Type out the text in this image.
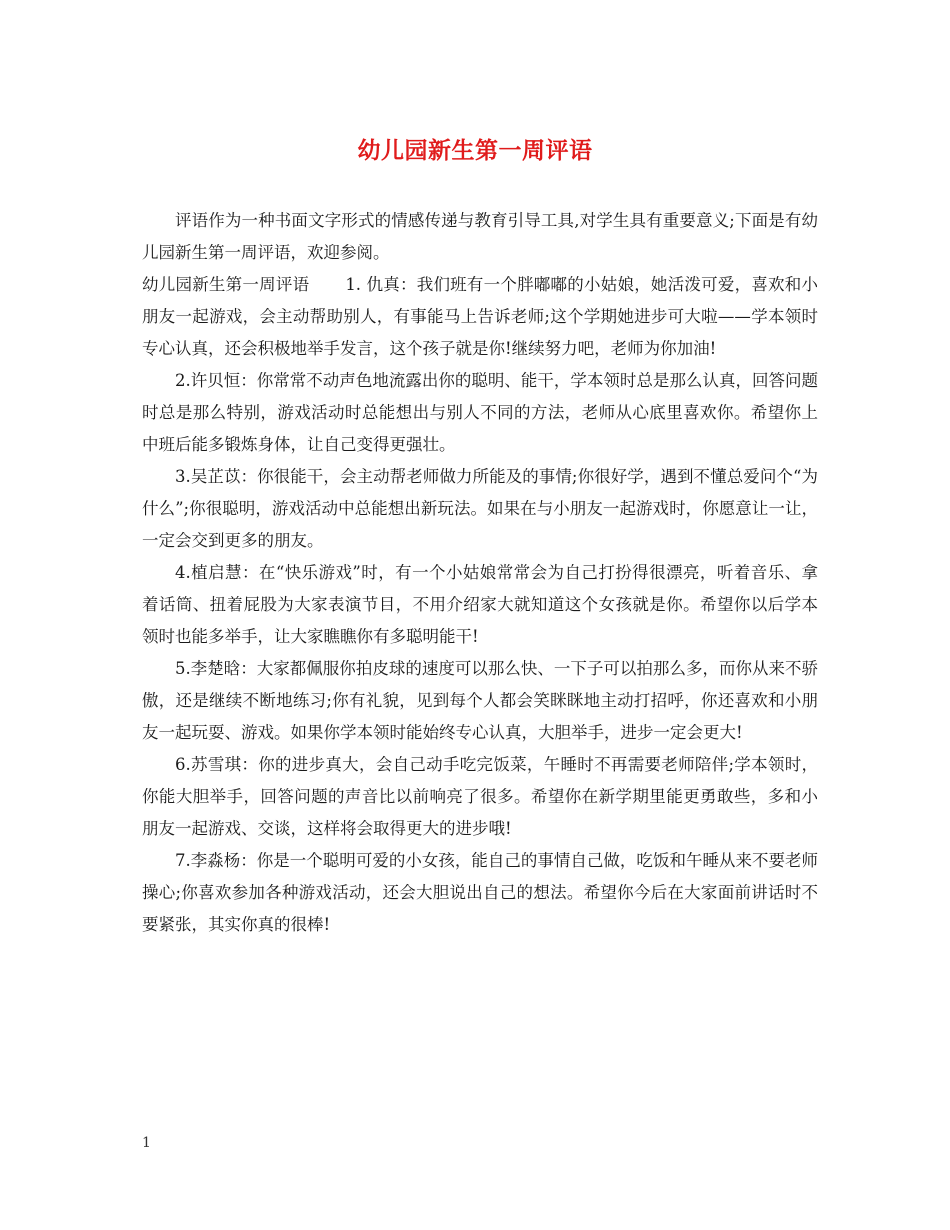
幼儿园新生第一周评语

评语作为一种书面文字形式的情感传递与教育引导工具,对学生具有重要意义;下面是有幼儿园新生第一周评语，欢迎参阅。

幼儿园新生第一周评语 1. 仇真：我们班有一个胖嘟嘟的小姑娘，她活泼可爱，喜欢和小朋友一起游戏，会主动帮助别人，有事能马上告诉老师;这个学期她进步可大啦——学本领时专心认真，还会积极地举手发言，这个孩子就是你!继续努力吧，老师为你加油!

2.许贝恒：你常常不动声色地流露出你的聪明、能干，学本领时总是那么认真，回答问题时总是那么特别，游戏活动时总能想出与别人不同的方法，老师从心底里喜欢你。希望你上中班后能多锻炼身体，让自己变得更强壮。

3.吴芷苡：你很能干，会主动帮老师做力所能及的事情;你很好学，遇到不懂总爱问个“为什么”;你很聪明，游戏活动中总能想出新玩法。如果在与小朋友一起游戏时，你愿意让一让，一定会交到更多的朋友。

4.植启慧：在“快乐游戏”时，有一个小姑娘常常会为自己打扮得很漂亮，听着音乐、拿着话筒、扭着屁股为大家表演节目，不用介绍家大就知道这个女孩就是你。希望你以后学本领时也能多举手，让大家瞧瞧你有多聪明能干!

5.李楚晗：大家都佩服你拍皮球的速度可以那么快、一下子可以拍那么多，而你从来不骄傲，还是继续不断地练习;你有礼貌，见到每个人都会笑眯眯地主动打招呼，你还喜欢和小朋友一起玩耍、游戏。如果你学本领时能始终专心认真，大胆举手，进步一定会更大!

6.苏雪琪：你的进步真大，会自己动手吃完饭菜，午睡时不再需要老师陪伴;学本领时，你能大胆举手，回答问题的声音比以前响亮了很多。希望你在新学期里能更勇敢些，多和小朋友一起游戏、交谈，这样将会取得更大的进步哦!

7.李淼杨：你是一个聪明可爱的小女孩，能自己的事情自己做，吃饭和午睡从来不要老师操心;你喜欢参加各种游戏活动，还会大胆说出自己的想法。希望你今后在大家面前讲话时不要紧张，其实你真的很棒!

1
